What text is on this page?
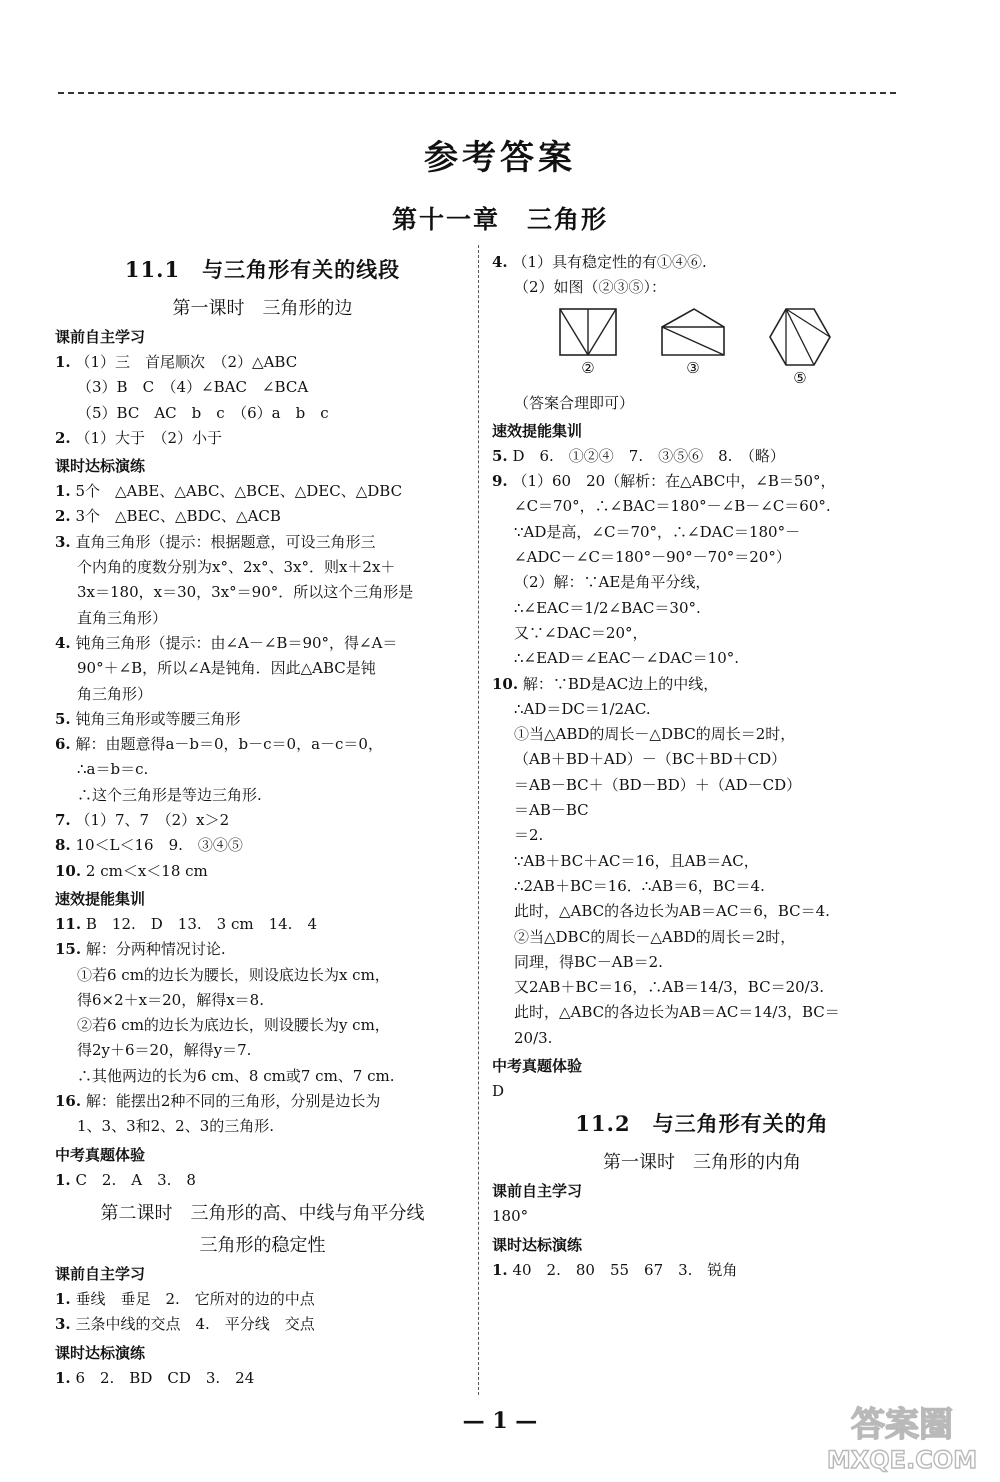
参考答案
第十一章　三角形
11.1　与三角形有关的线段
第一课时　三角形的边
课前自主学习
1. （1）三　首尾顺次　（2）△ABC
（3）B　C　（4）∠BAC　∠BCA
（5）BC　AC　b　c　（6）a　b　c
2. （1）大于　（2）小于
课时达标演练
1. 5个　△ABE、△ABC、△BCE、△DEC、△DBC
2. 3个　△BEC、△BDC、△ACB
3. 直角三角形（提示：根据题意，可设三角形三
个内角的度数分别为x°、2x°、3x°．则x＋2x＋
3x＝180，x＝30，3x°＝90°．所以这个三角形是
直角三角形）
4. 钝角三角形（提示：由∠A－∠B＝90°，得∠A＝
90°＋∠B，所以∠A是钝角．因此△ABC是钝
角三角形）
5. 钝角三角形或等腰三角形
6. 解：由题意得a－b＝0，b－c＝0，a－c＝0，
∴a＝b＝c.
∴这个三角形是等边三角形.
7. （1）7、7　（2）x＞2
8. 10＜L＜16　9.　③④⑤
10. 2 cm＜x＜18 cm
速效提能集训
11. B　12.　D　13.　3 cm　14.　4
15. 解：分两种情况讨论.
①若6 cm的边长为腰长，则设底边长为x cm，
得6×2＋x＝20，解得x＝8.
②若6 cm的边长为底边长，则设腰长为y cm，
得2y＋6＝20，解得y＝7.
∴其他两边的长为6 cm、8 cm或7 cm、7 cm.
16. 解：能摆出2种不同的三角形，分别是边长为
1、3、3和2、2、3的三角形.
中考真题体验
1. C　2.　A　3.　8
第二课时　三角形的高、中线与角平分线
三角形的稳定性
课前自主学习
1. 垂线　垂足　2.　它所对的边的中点
3. 三条中线的交点　4.　平分线　交点
课时达标演练
1. 6　2.　BD　CD　3.　24
4. （1）具有稳定性的有①④⑥.
（2）如图（②③⑤）：
②	③
⑤
（答案合理即可）
速效提能集训
5. D　6.　①②④　7.　③⑤⑥　8.　（略）
9. （1）60　20（解析：在△ABC中，∠B＝50°，
∠C＝70°，∴∠BAC＝180°－∠B－∠C＝60°.
∵AD是高，∠C＝70°，∴∠DAC＝180°－
∠ADC－∠C＝180°－90°－70°＝20°）
（2）解：∵AE是角平分线，
∴∠EAC＝1/2∠BAC＝30°.
又∵∠DAC＝20°，
∴∠EAD＝∠EAC－∠DAC＝10°.
10. 解：∵BD是AC边上的中线，
∴AD＝DC＝1/2AC.
①当△ABD的周长－△DBC的周长＝2时，
（AB＋BD＋AD）－（BC＋BD＋CD）
＝AB－BC＋（BD－BD）＋（AD－CD）
＝AB－BC
＝2.
∵AB＋BC＋AC＝16，且AB＝AC，
∴2AB＋BC＝16．∴AB＝6，BC＝4.
此时，△ABC的各边长为AB＝AC＝6，BC＝4.
②当△DBC的周长－△ABD的周长＝2时，
同理，得BC－AB＝2.
又2AB＋BC＝16，∴AB＝14/3，BC＝20/3.
此时，△ABC的各边长为AB＝AC＝14/3，BC＝
20/3.
中考真题体验
D
11.2　与三角形有关的角
第一课时　三角形的内角
课前自主学习
180°
课时达标演练
1. 40　2.　80　55　67　3.　锐角
— 1 —	答案圈
MXQE.COM
